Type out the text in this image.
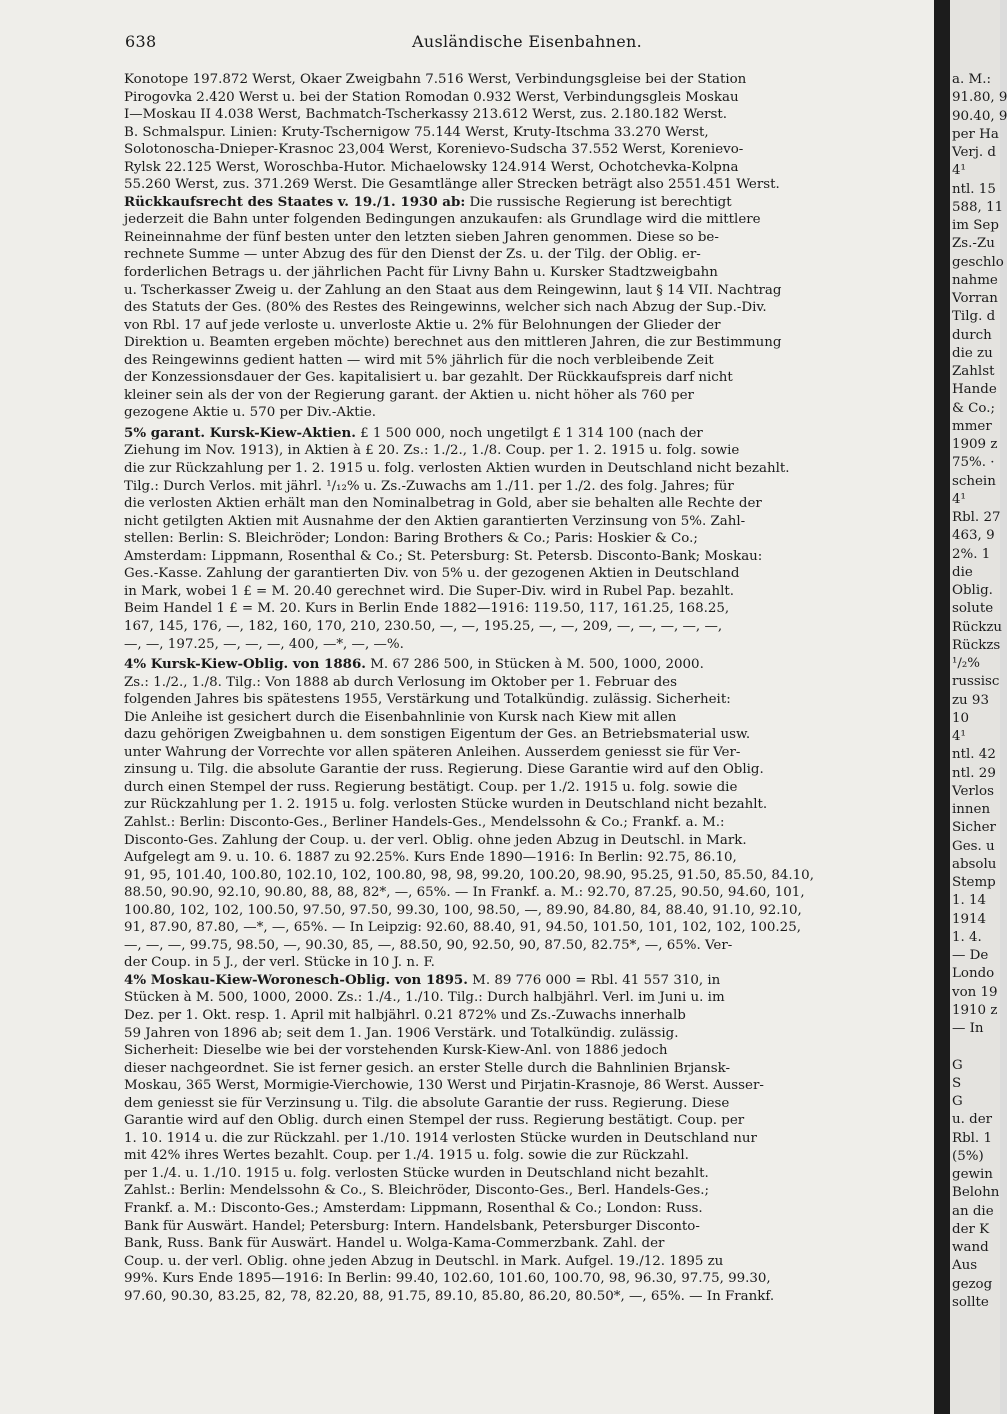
638	Ausländische Eisenbahnen.
Konotope 197.872 Werst, Okaer Zweigbahn 7.516 Werst, Verbindungsgleise bei der Station
Pirogovka 2.420 Werst u. bei der Station Romodan 0.932 Werst, Verbindungsgleis Moskau
I—Moskau II 4.038 Werst, Bachmatch-Tscherkassy 213.612 Werst, zus. 2.180.182 Werst.
B. Schmalspur. Linien: Kruty-Tschernigow 75.144 Werst, Kruty-Itschma 33.270 Werst,
Solotonoscha-Dnieper-Krasnoc 23,004 Werst, Korenievo-Sudscha 37.552 Werst, Korenievo-
Rylsk 22.125 Werst, Woroschba-Hutor. Michaelowsky 124.914 Werst, Ochotchevka-Kolpna
55.260 Werst, zus. 371.269 Werst. Die Gesamtlänge aller Strecken beträgt also 2551.451 Werst.
Rückkaufsrecht des Staates v. 19./1. 1930 ab: Die russische Regierung ist berechtigt
jederzeit die Bahn unter folgenden Bedingungen anzukaufen: als Grundlage wird die mittlere
Reineinnahme der fünf besten unter den letzten sieben Jahren genommen. Diese so be-
rechnete Summe — unter Abzug des für den Dienst der Zs. u. der Tilg. der Oblig. er-
forderlichen Betrags u. der jährlichen Pacht für Livny Bahn u. Kursker Stadtzweigbahn
u. Tscherkasser Zweig u. der Zahlung an den Staat aus dem Reingewinn, laut § 14 VII. Nachtrag
des Statuts der Ges. (80% des Restes des Reingewinns, welcher sich nach Abzug der Sup.-Div.
von Rbl. 17 auf jede verloste u. unverloste Aktie u. 2% für Belohnungen der Glieder der
Direktion u. Beamten ergeben möchte) berechnet aus den mittleren Jahren, die zur Bestimmung
des Reingewinns gedient hatten — wird mit 5% jährlich für die noch verbleibende Zeit
der Konzessionsdauer der Ges. kapitalisiert u. bar gezahlt. Der Rückkaufspreis darf nicht
kleiner sein als der von der Regierung garant. der Aktien u. nicht höher als 760 per
gezogene Aktie u. 570 per Div.-Aktie.
5% garant. Kursk-Kiew-Aktien. £ 1 500 000, noch ungetilgt £ 1 314 100 (nach der
Ziehung im Nov. 1913), in Aktien à £ 20. Zs.: 1./2., 1./8. Coup. per 1. 2. 1915 u. folg. sowie
die zur Rückzahlung per 1. 2. 1915 u. folg. verlosten Aktien wurden in Deutschland nicht bezahlt.
Tilg.: Durch Verlos. mit jährl. ¹/₁₂% u. Zs.-Zuwachs am 1./11. per 1./2. des folg. Jahres; für
die verlosten Aktien erhält man den Nominalbetrag in Gold, aber sie behalten alle Rechte der
nicht getilgten Aktien mit Ausnahme der den Aktien garantierten Verzinsung von 5%. Zahl-
stellen: Berlin: S. Bleichröder; London: Baring Brothers & Co.; Paris: Hoskier & Co.;
Amsterdam: Lippmann, Rosenthal & Co.; St. Petersburg: St. Petersb. Disconto-Bank; Moskau:
Ges.-Kasse. Zahlung der garantierten Div. von 5% u. der gezogenen Aktien in Deutschland
in Mark, wobei 1 £ = M. 20.40 gerechnet wird. Die Super-Div. wird in Rubel Pap. bezahlt.
Beim Handel 1 £ = M. 20. Kurs in Berlin Ende 1882—1916: 119.50, 117, 161.25, 168.25,
167, 145, 176, —, 182, 160, 170, 210, 230.50, —, —, 195.25, —, —, 209, —, —, —, —, —,
—, —, 197.25, —, —, —, 400, —*, —, —%.
4% Kursk-Kiew-Oblig. von 1886. M. 67 286 500, in Stücken à M. 500, 1000, 2000.
Zs.: 1./2., 1./8. Tilg.: Von 1888 ab durch Verlosung im Oktober per 1. Februar des
folgenden Jahres bis spätestens 1955, Verstärkung und Totalkündig. zulässig. Sicherheit:
Die Anleihe ist gesichert durch die Eisenbahnlinie von Kursk nach Kiew mit allen
dazu gehörigen Zweigbahnen u. dem sonstigen Eigentum der Ges. an Betriebsmaterial usw.
unter Wahrung der Vorrechte vor allen späteren Anleihen. Ausserdem geniesst sie für Ver-
zinsung u. Tilg. die absolute Garantie der russ. Regierung. Diese Garantie wird auf den Oblig.
durch einen Stempel der russ. Regierung bestätigt. Coup. per 1./2. 1915 u. folg. sowie die
zur Rückzahlung per 1. 2. 1915 u. folg. verlosten Stücke wurden in Deutschland nicht bezahlt.
Zahlst.: Berlin: Disconto-Ges., Berliner Handels-Ges., Mendelssohn & Co.; Frankf. a. M.:
Disconto-Ges. Zahlung der Coup. u. der verl. Oblig. ohne jeden Abzug in Deutschl. in Mark.
Aufgelegt am 9. u. 10. 6. 1887 zu 92.25%. Kurs Ende 1890—1916: In Berlin: 92.75, 86.10,
91, 95, 101.40, 100.80, 102.10, 102, 100.80, 98, 98, 99.20, 100.20, 98.90, 95.25, 91.50, 85.50, 84.10,
88.50, 90.90, 92.10, 90.80, 88, 88, 82*, —, 65%. — In Frankf. a. M.: 92.70, 87.25, 90.50, 94.60, 101,
100.80, 102, 102, 100.50, 97.50, 97.50, 99.30, 100, 98.50, —, 89.90, 84.80, 84, 88.40, 91.10, 92.10,
91, 87.90, 87.80, —*, —, 65%. — In Leipzig: 92.60, 88.40, 91, 94.50, 101.50, 101, 102, 102, 100.25,
—, —, —, 99.75, 98.50, —, 90.30, 85, —, 88.50, 90, 92.50, 90, 87.50, 82.75*, —, 65%. Ver-
der Coup. in 5 J., der verl. Stücke in 10 J. n. F.
4% Moskau-Kiew-Woronesch-Oblig. von 1895. M. 89 776 000 = Rbl. 41 557 310, in
Stücken à M. 500, 1000, 2000. Zs.: 1./4., 1./10. Tilg.: Durch halbjährl. Verl. im Juni u. im
Dez. per 1. Okt. resp. 1. April mit halbjährl. 0.21 872% und Zs.-Zuwachs innerhalb
59 Jahren von 1896 ab; seit dem 1. Jan. 1906 Verstärk. und Totalkündig. zulässig.
Sicherheit: Dieselbe wie bei der vorstehenden Kursk-Kiew-Anl. von 1886 jedoch
dieser nachgeordnet. Sie ist ferner gesich. an erster Stelle durch die Bahnlinien Brjansk-
Moskau, 365 Werst, Mormigie-Vierchowie, 130 Werst und Pirjatin-Krasnoje, 86 Werst. Ausser-
dem geniesst sie für Verzinsung u. Tilg. die absolute Garantie der russ. Regierung. Diese
Garantie wird auf den Oblig. durch einen Stempel der russ. Regierung bestätigt. Coup. per
1. 10. 1914 u. die zur Rückzahl. per 1./10. 1914 verlosten Stücke wurden in Deutschland nur
mit 42% ihres Wertes bezahlt. Coup. per 1./4. 1915 u. folg. sowie die zur Rückzahl.
per 1./4. u. 1./10. 1915 u. folg. verlosten Stücke wurden in Deutschland nicht bezahlt.
Zahlst.: Berlin: Mendelssohn & Co., S. Bleichröder, Disconto-Ges., Berl. Handels-Ges.;
Frankf. a. M.: Disconto-Ges.; Amsterdam: Lippmann, Rosenthal & Co.; London: Russ.
Bank für Auswärt. Handel; Petersburg: Intern. Handelsbank, Petersburger Disconto-
Bank, Russ. Bank für Auswärt. Handel u. Wolga-Kama-Commerzbank. Zahl. der
Coup. u. der verl. Oblig. ohne jeden Abzug in Deutschl. in Mark. Aufgel. 19./12. 1895 zu
99%. Kurs Ende 1895—1916: In Berlin: 99.40, 102.60, 101.60, 100.70, 98, 96.30, 97.75, 99.30,
97.60, 90.30, 83.25, 82, 78, 82.20, 88, 91.75, 89.10, 85.80, 86.20, 80.50*, —, 65%. — In Frankf.
a. M.:
91.80, 9
90.40, 9
per Ha
Verj. d
4¹
ntl. 15
588, 11
im Sep
Zs.-Zu
geschlo
nahme
Vorran
Tilg. d
durch
die zu
Zahlst
Hande
& Co.;
mmer
1909 z
75%. ·
schein
4¹
Rbl. 27
463, 9
2%. 1
die
Oblig.
solute
Rückzu
Rückzs
¹/₂%
russisc
zu 93
10
4¹
ntl. 42
ntl. 29
Verlos
innen
Sicher
Ges. u
absolu
Stemp
1. 14
1914
1. 4.
— De
Londo
von 19
1910 z
— In
G
S
G
u. der
Rbl. 1
(5%)
gewin
Belohn
an die
der K
wand
Aus
gezog
sollte
